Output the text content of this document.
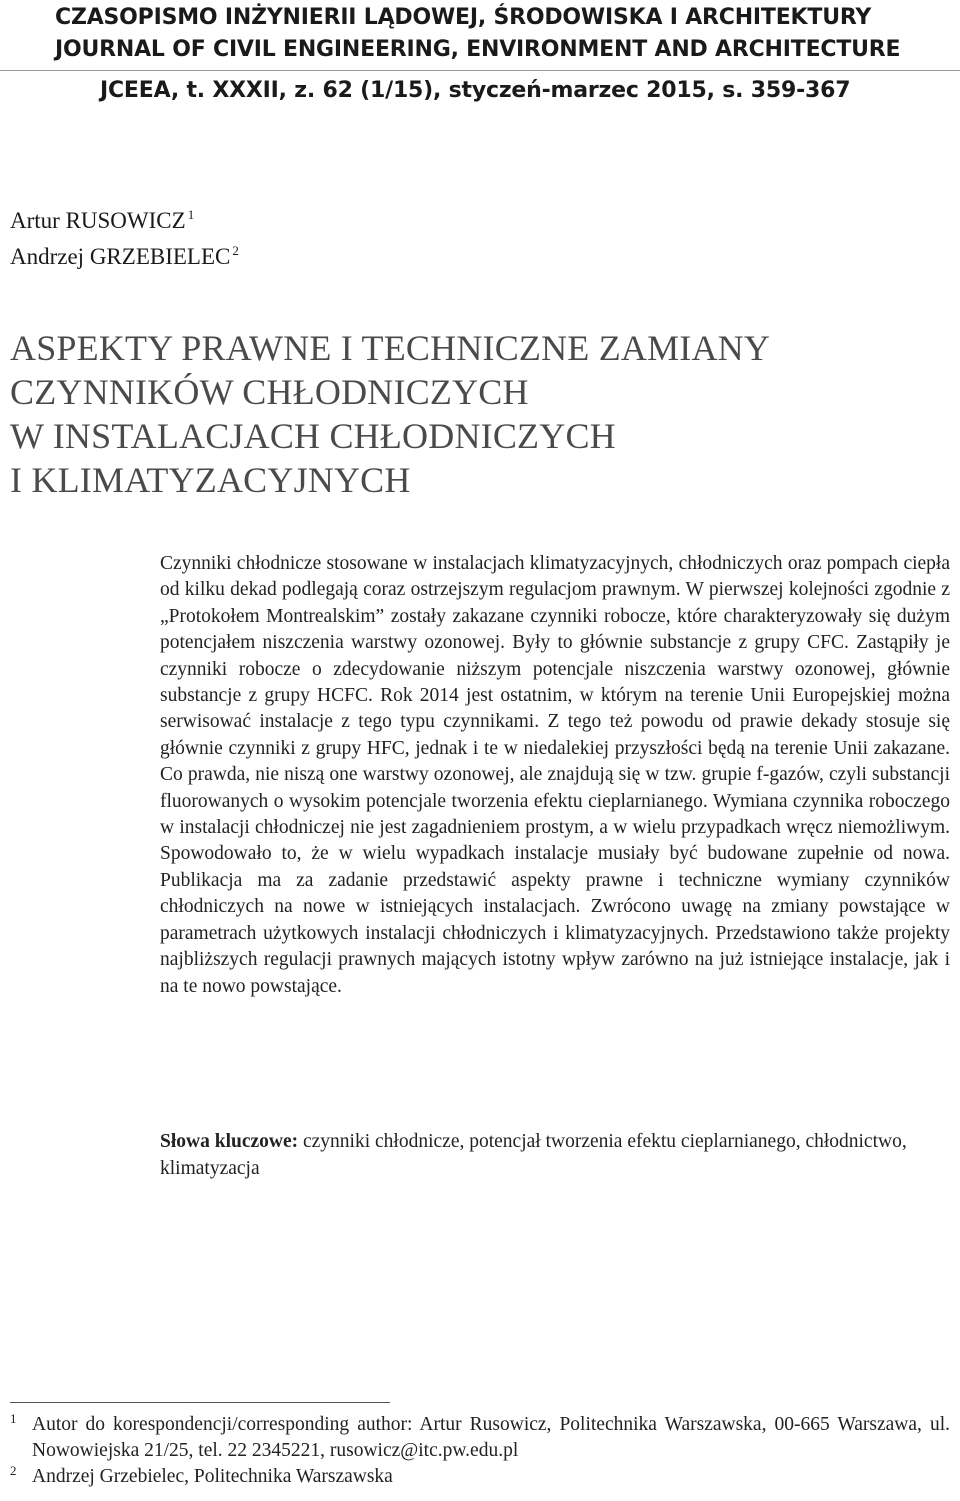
CZASOPISMO INŻYNIERII LĄDOWEJ, ŚRODOWISKA I ARCHITEKTURY
JOURNAL OF CIVIL ENGINEERING, ENVIRONMENT AND ARCHITECTURE
JCEEA, t. XXXII, z. 62 (1/15), styczeń-marzec 2015, s. 359-367
Artur RUSOWICZ $^1$
Andrzej GRZEBIELEC $^2$
ASPEKTY PRAWNE I TECHNICZNE ZAMIANY
CZYNNIKÓW CHŁODNICZYCH
W INSTALACJACH CHŁODNICZYCH
I KLIMATYZACYJNYCH

Czynniki chłodnicze stosowane w instalacjach klimatyzacyjnych, chłodniczych oraz pompach ciepła od kilku dekad podlegają coraz ostrzejszym regulacjom prawnym. W pierwszej kolejności zgodnie z „Protokołem Montrealskim” zostały zakazane czynniki robocze, które charakteryzowały się dużym potencjałem niszczenia warstwy ozonowej. Były to głównie substancje z grupy CFC. Zastąpiły je czynniki robocze o zdecydowanie niższym potencjale niszczenia warstwy ozonowej, głównie substancje z grupy HCFC. Rok 2014 jest ostatnim, w którym na terenie Unii Europejskiej można serwisować instalacje z tego typu czynnikami. Z tego też powodu od prawie dekady stosuje się głównie czynniki z grupy HFC, jednak i te w niedalekiej przyszłości będą na terenie Unii zakazane. Co prawda, nie niszą one warstwy ozonowej, ale znajdują się w tzw. grupie f-gazów, czyli substancji fluorowanych o wysokim potencjale tworzenia efektu cieplarnianego. Wymiana czynnika roboczego w instalacji chłodniczej nie jest zagadnieniem prostym, a w wielu przypadkach wręcz niemożliwym. Spowodowało to, że w wielu wypadkach instalacje musiały być budowane zupełnie od nowa. Publikacja ma za zadanie przedstawić aspekty prawne i techniczne wymiany czynników chłodniczych na nowe w istniejących instalacjach. Zwrócono uwagę na zmiany powstające w parametrach użytkowych instalacji chłodniczych i klimatyzacyjnych. Przedstawiono także projekty najbliższych regulacji prawnych mających istotny wpływ zarówno na już istniejące instalacje, jak i na te nowo powstające.

Słowa kluczowe: czynniki chłodnicze, potencjał tworzenia efektu cieplarnianego, chłodnictwo, klimatyzacja
1 Autor do korespondencji/corresponding author: Artur Rusowicz, Politechnika Warszawska, 00-665 Warszawa, ul. Nowowiejska 21/25, tel. 22 2345221, rusowicz@itc.pw.edu.pl
2 Andrzej Grzebielec, Politechnika Warszawska
